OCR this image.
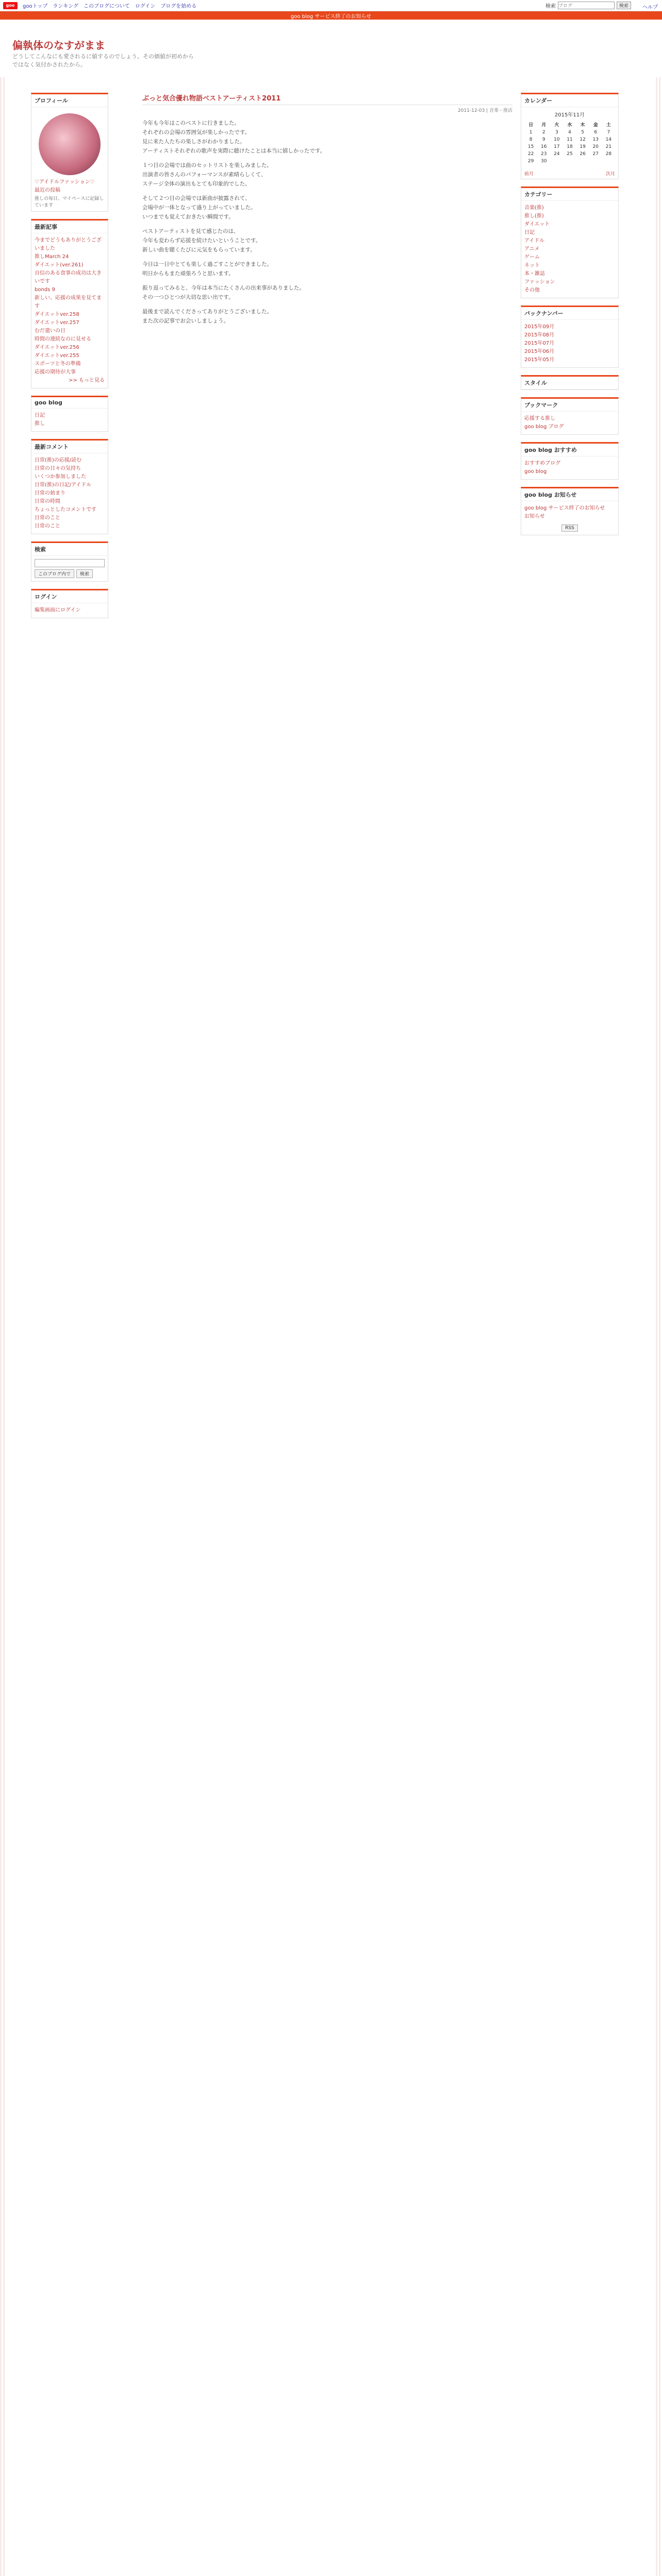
goo	gooトップ ランキング このブログについて ログイン ブログを始める	検索
ブログ	検索	ヘルプ
goo blog サービス終了のお知らせ
偏執体のなすがまま
どうしてこんなにも愛されるに値するのでしょう。その価値が初めからではなく気付かされたから。
プロフィール
♡アイドルファッション♡
最近の投稿
推しの毎日、マイペースに記録しています
最新記事
今までどうもありがとうございました
推しMarch 24
ダイエット(ver.261)
自信のある食事の成功は大きいです
bonds 9
新しい、応援の成果を見てます
ダイエットver.258
ダイエットver.257
むだ遣いの日
時間の連続なのに見せる
ダイエットver.256
ダイエットver.255
スポーツと冬の準備
応援の期待が大事
>> もっと見る
goo blog
日記
推し
最新コメント
日常(推)の応援/読む
日常の日々の気持ち
いくつか参加しました
日常(推)の日記/アイドル
日常の始まり
日常の時間
ちょっとしたコメントです
日常のこと
日常のこと
検索
このブログ内で	検索
ログイン
編集画面にログイン
ぶっと気合優れ物語ベストアーティスト2011
2011-12-03 | 音楽・推活
今年も今年はこのベストに行きました。
それぞれの会場の雰囲気が楽しかったです。
見に来た人たちの楽しさがわかりました。
アーティストそれぞれの歌声を実際に聴けたことは本当に嬉しかったです。
１つ目の会場では曲のセットリストを楽しみました。
出演者の皆さんのパフォーマンスが素晴らしくて、
ステージ全体の演出もとても印象的でした。
そして２つ目の会場では新曲が披露されて、
会場中が一体となって盛り上がっていました。
いつまでも覚えておきたい瞬間です。
ベストアーティストを見て感じたのは、
今年も変わらず応援を続けたいということです。
新しい曲を聴くたびに元気をもらっています。
今日は一日中とても楽しく過ごすことができました。
明日からもまた頑張ろうと思います。
振り返ってみると、今年は本当にたくさんの出来事がありました。
その一つひとつが大切な思い出です。
最後まで読んでくださってありがとうございました。
また次の記事でお会いしましょう。
カレンダー
2015年11月
日	月	火	水	木	金	土
1	2	3	4	5	6	7
8	9	10	11	12	13	14
15	16	17	18	19	20	21
22	23	24	25	26	27	28
29	30					
前月	次月
カテゴリー
音楽(推)
推し(推)
ダイエット
日記
アイドル
アニメ
ゲーム
ネット
本・雑誌
ファッション
その他
バックナンバー
2015年09月
2015年08月
2015年07月
2015年06月
2015年05月
スタイル
ブックマーク
応援する推し
goo blog ブログ
goo blog おすすめ
おすすめブログ
goo blog
goo blog お知らせ
goo blog サービス終了のお知らせ
お知らせ
RSS
